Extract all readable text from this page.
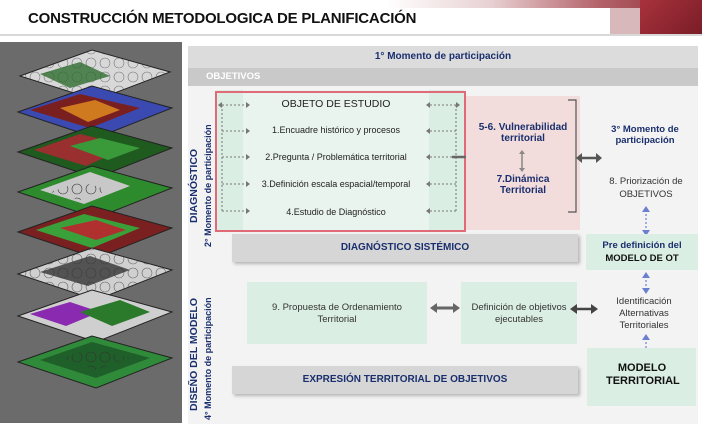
CONSTRUCCIÓN METODOLOGICA DE PLANIFICACIÓN
1° Momento de participación
OBJETIVOS
DIAGNÓSTICO 2° Momento de participación
DISEÑO DEL MODELO 4° Momento de participación
OBJETO DE ESTUDIO
1.Encuadre histórico y procesos
2.Pregunta / Problemática territorial
3.Definición escala espacial/temporal
4.Estudio de Diagnóstico
5-6. Vulnerabilidad territorial
7.Dinámica Territorial
3° Momento de participación
8. Priorización de
OBJETIVOS
DIAGNÓSTICO SISTÉMICO	Pre definición del
MODELO DE OT
9. Propuesta de Ordenamiento Territorial
Definición de objetivos ejecutables
Identificación Alternativas Territoriales
EXPRESIÓN TERRITORIAL DE OBJETIVOS
MODELO TERRITORIAL
